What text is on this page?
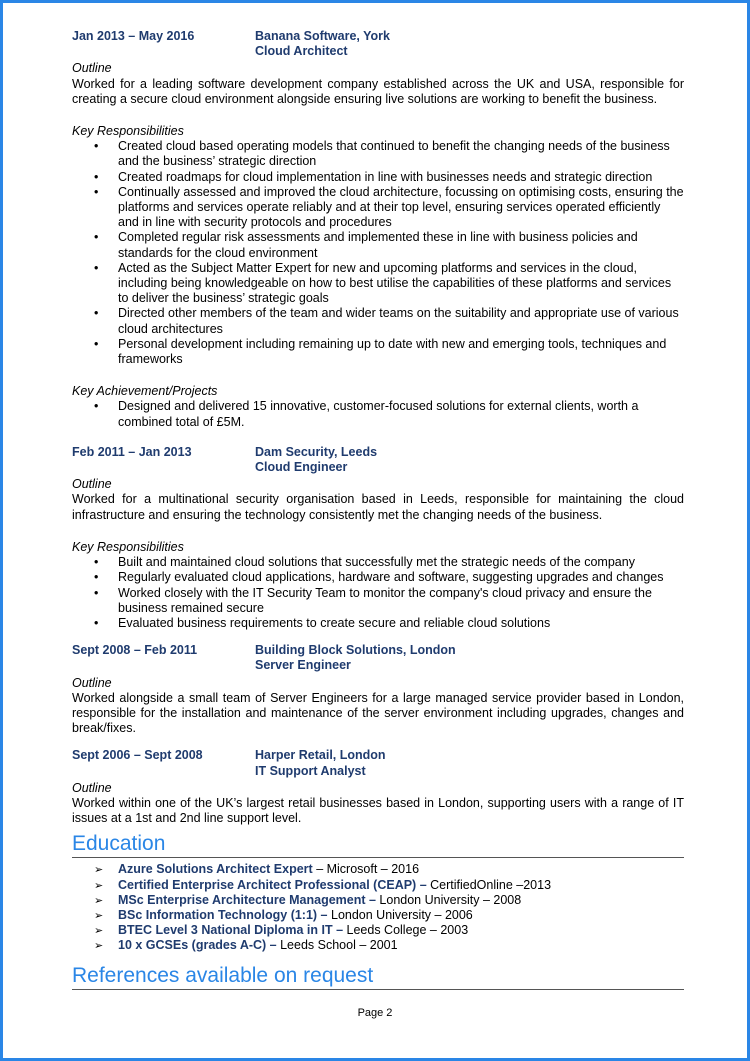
Jan 2013 – May 2016	Banana Software, York
Cloud Architect
Outline

Worked for a leading software development company established across the UK and USA, responsible for creating a secure cloud environment alongside ensuring live solutions are working to benefit the business.

Key Responsibilities
• Created cloud based operating models that continued to benefit the changing needs of the business and the business’ strategic direction
• Created roadmaps for cloud implementation in line with businesses needs and strategic direction
• Continually assessed and improved the cloud architecture, focussing on optimising costs, ensuring the platforms and services operate reliably and at their top level, ensuring services operated efficiently and in line with security protocols and procedures
• Completed regular risk assessments and implemented these in line with business policies and standards for the cloud environment
• Acted as the Subject Matter Expert for new and upcoming platforms and services in the cloud, including being knowledgeable on how to best utilise the capabilities of these platforms and services to deliver the business’ strategic goals
• Directed other members of the team and wider teams on the suitability and appropriate use of various cloud architectures
• Personal development including remaining up to date with new and emerging tools, techniques and frameworks
Key Achievement/Projects
• Designed and delivered 15 innovative, customer-focused solutions for external clients, worth a combined total of £5M.
Feb 2011 – Jan 2013	Dam Security, Leeds
Cloud Engineer
Outline

Worked for a multinational security organisation based in Leeds, responsible for maintaining the cloud infrastructure and ensuring the technology consistently met the changing needs of the business.

Key Responsibilities
• Built and maintained cloud solutions that successfully met the strategic needs of the company
• Regularly evaluated cloud applications, hardware and software, suggesting upgrades and changes
• Worked closely with the IT Security Team to monitor the company's cloud privacy and ensure the business remained secure
• Evaluated business requirements to create secure and reliable cloud solutions
Sept 2008 – Feb 2011	Building Block Solutions, London
Server Engineer
Outline

Worked alongside a small team of Server Engineers for a large managed service provider based in London, responsible for the installation and maintenance of the server environment including upgrades, changes and break/fixes.

Sept 2006 – Sept 2008	Harper Retail, London
IT Support Analyst
Outline

Worked within one of the UK’s largest retail businesses based in London, supporting users with a range of IT issues at a 1st and 2nd line support level.

Education
➢ Azure Solutions Architect Expert – Microsoft – 2016
➢ Certified Enterprise Architect Professional (CEAP) – CertifiedOnline –2013
➢ MSc Enterprise Architecture Management – London University – 2008
➢ BSc Information Technology (1:1) – London University – 2006
➢ BTEC Level 3 National Diploma in IT – Leeds College – 2003
➢ 10 x GCSEs (grades A-C) – Leeds School – 2001
References available on request
Page 2
